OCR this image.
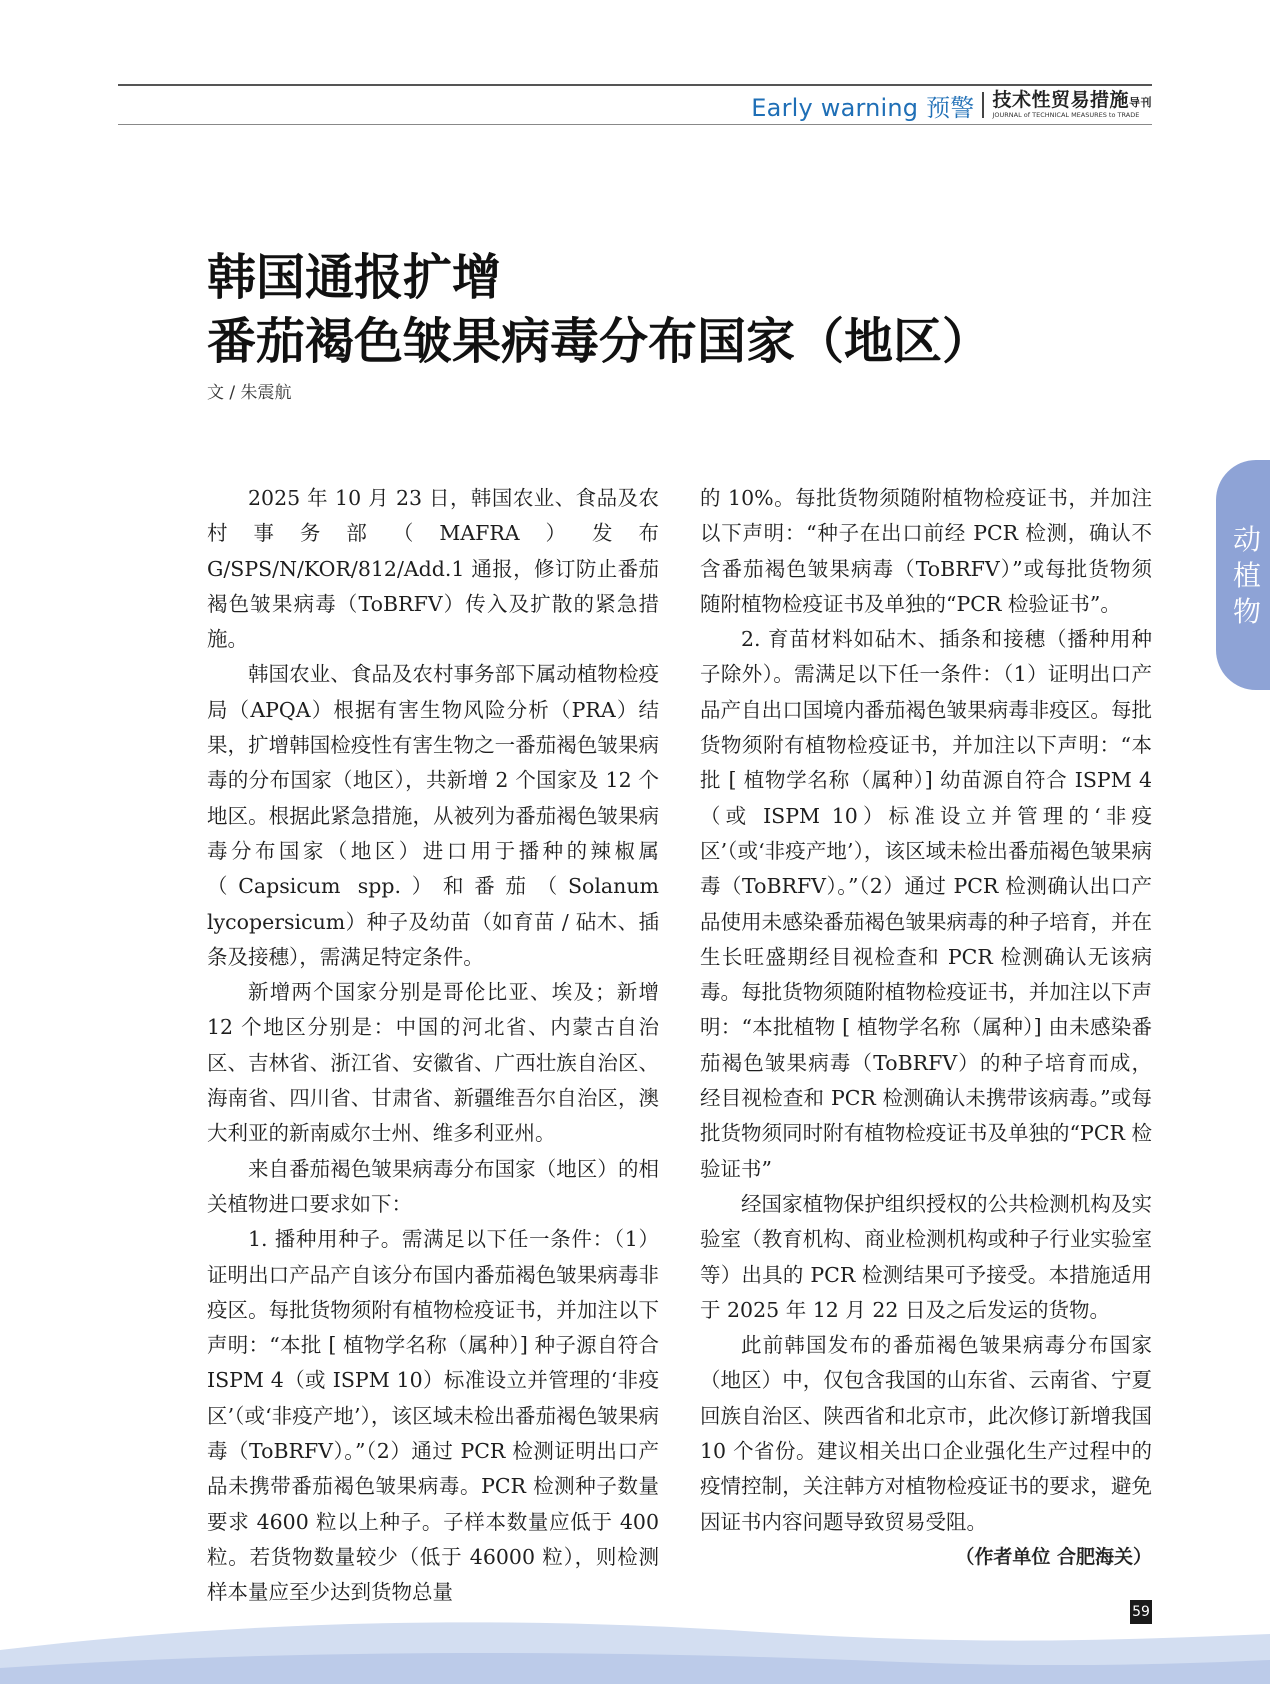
Early warning 预警 技术性贸易措施导刊
JOURNAL of TECHNICAL MEASURES to TRADE
韩国通报扩增
番茄褐色皱果病毒分布国家（地区）
文 / 朱震航

2025 年 10 月 23 日，韩国农业、食品及农村事务部（MAFRA）发布 G/SPS/N/KOR/812/Add.1 通报，修订防止番茄褐色皱果病毒（ToBRFV）传入及扩散的紧急措施。

韩国农业、食品及农村事务部下属动植物检疫局（APQA）根据有害生物风险分析（PRA）结果，扩增韩国检疫性有害生物之一番茄褐色皱果病毒的分布国家（地区），共新增 2 个国家及 12 个地区。根据此紧急措施，从被列为番茄褐色皱果病毒分布国家（地区）进口用于播种的辣椒属（Capsicum spp.）和番茄（Solanum lycopersicum）种子及幼苗（如育苗 / 砧木、插条及接穗），需满足特定条件。

新增两个国家分别是哥伦比亚、埃及；新增 12 个地区分别是：中国的河北省、内蒙古自治区、吉林省、浙江省、安徽省、广西壮族自治区、海南省、四川省、甘肃省、新疆维吾尔自治区，澳大利亚的新南威尔士州、维多利亚州。

来自番茄褐色皱果病毒分布国家（地区）的相关植物进口要求如下：

1. 播种用种子。需满足以下任一条件：（1）证明出口产品产自该分布国内番茄褐色皱果病毒非疫区。每批货物须附有植物检疫证书，并加注以下声明：“本批 [ 植物学名称（属种）] 种子源自符合 ISPM 4（或 ISPM 10）标准设立并管理的‘非疫区’（或‘非疫产地’），该区域未检出番茄褐色皱果病毒（ToBRFV）。”（2）通过 PCR 检测证明出口产品未携带番茄褐色皱果病毒。PCR 检测种子数量要求 4600 粒以上种子。子样本数量应低于 400 粒。若货物数量较少（低于 46000 粒），则检测样本量应至少达到货物总量

的 10%。每批货物须随附植物检疫证书，并加注以下声明：“种子在出口前经 PCR 检测，确认不含番茄褐色皱果病毒（ToBRFV）”或每批货物须随附植物检疫证书及单独的“PCR 检验证书”。

2. 育苗材料如砧木、插条和接穗（播种用种子除外）。需满足以下任一条件：（1）证明出口产品产自出口国境内番茄褐色皱果病毒非疫区。每批货物须附有植物检疫证书，并加注以下声明：“本批 [ 植物学名称（属种）] 幼苗源自符合 ISPM 4（或 ISPM 10）标准设立并管理的‘非疫区’（或‘非疫产地’），该区域未检出番茄褐色皱果病毒（ToBRFV）。”（2）通过 PCR 检测确认出口产品使用未感染番茄褐色皱果病毒的种子培育，并在生长旺盛期经目视检查和 PCR 检测确认无该病毒。每批货物须随附植物检疫证书，并加注以下声明：“本批植物 [ 植物学名称（属种）] 由未感染番茄褐色皱果病毒（ToBRFV）的种子培育而成，经目视检查和 PCR 检测确认未携带该病毒。”或每批货物须同时附有植物检疫证书及单独的“PCR 检验证书”

经国家植物保护组织授权的公共检测机构及实验室（教育机构、商业检测机构或种子行业实验室等）出具的 PCR 检测结果可予接受。本措施适用于 2025 年 12 月 22 日及之后发运的货物。

此前韩国发布的番茄褐色皱果病毒分布国家（地区）中，仅包含我国的山东省、云南省、宁夏回族自治区、陕西省和北京市，此次修订新增我国 10 个省份。建议相关出口企业强化生产过程中的疫情控制，关注韩方对植物检疫证书的要求，避免因证书内容问题导致贸易受阻。

（作者单位 合肥海关）
动
植
物
59
